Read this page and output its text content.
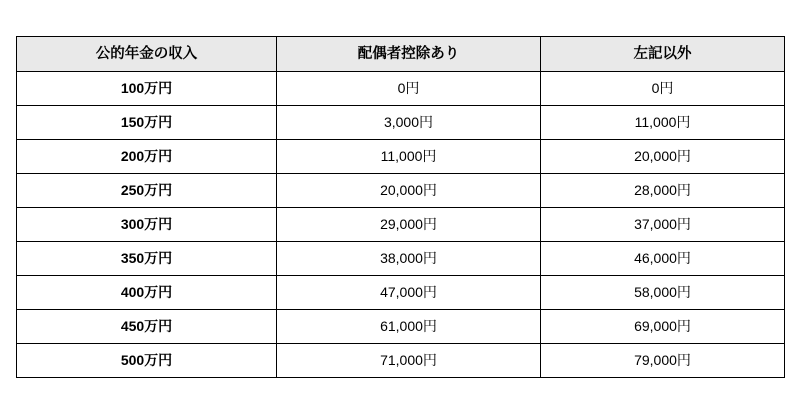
公的年金の収入	配偶者控除あり	左記以外
100万円	0円	0円
150万円	3,000円	11,000円
200万円	11,000円	20,000円
250万円	20,000円	28,000円
300万円	29,000円	37,000円
350万円	38,000円	46,000円
400万円	47,000円	58,000円
450万円	61,000円	69,000円
500万円	71,000円	79,000円
